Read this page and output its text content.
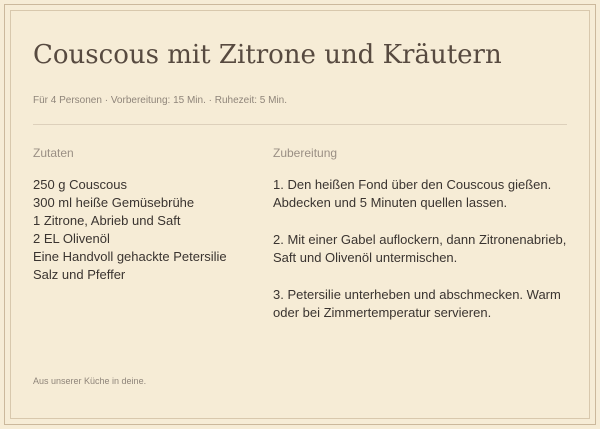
Couscous mit Zitrone und Kräutern
Für 4 Personen · Vorbereitung: 15 Min. · Ruhezeit: 5 Min.
Zutaten
250 g Couscous
300 ml heiße Gemüsebrühe
1 Zitrone, Abrieb und Saft
2 EL Olivenöl
Eine Handvoll gehackte Petersilie
Salz und Pfeffer
Zubereitung

1. Den heißen Fond über den Couscous gießen. Abdecken und 5 Minuten quellen lassen.

2. Mit einer Gabel auflockern, dann Zitronenabrieb, Saft und Olivenöl untermischen.

3. Petersilie unterheben und abschmecken. Warm oder bei Zimmertemperatur servieren.

Aus unserer Küche in deine.
